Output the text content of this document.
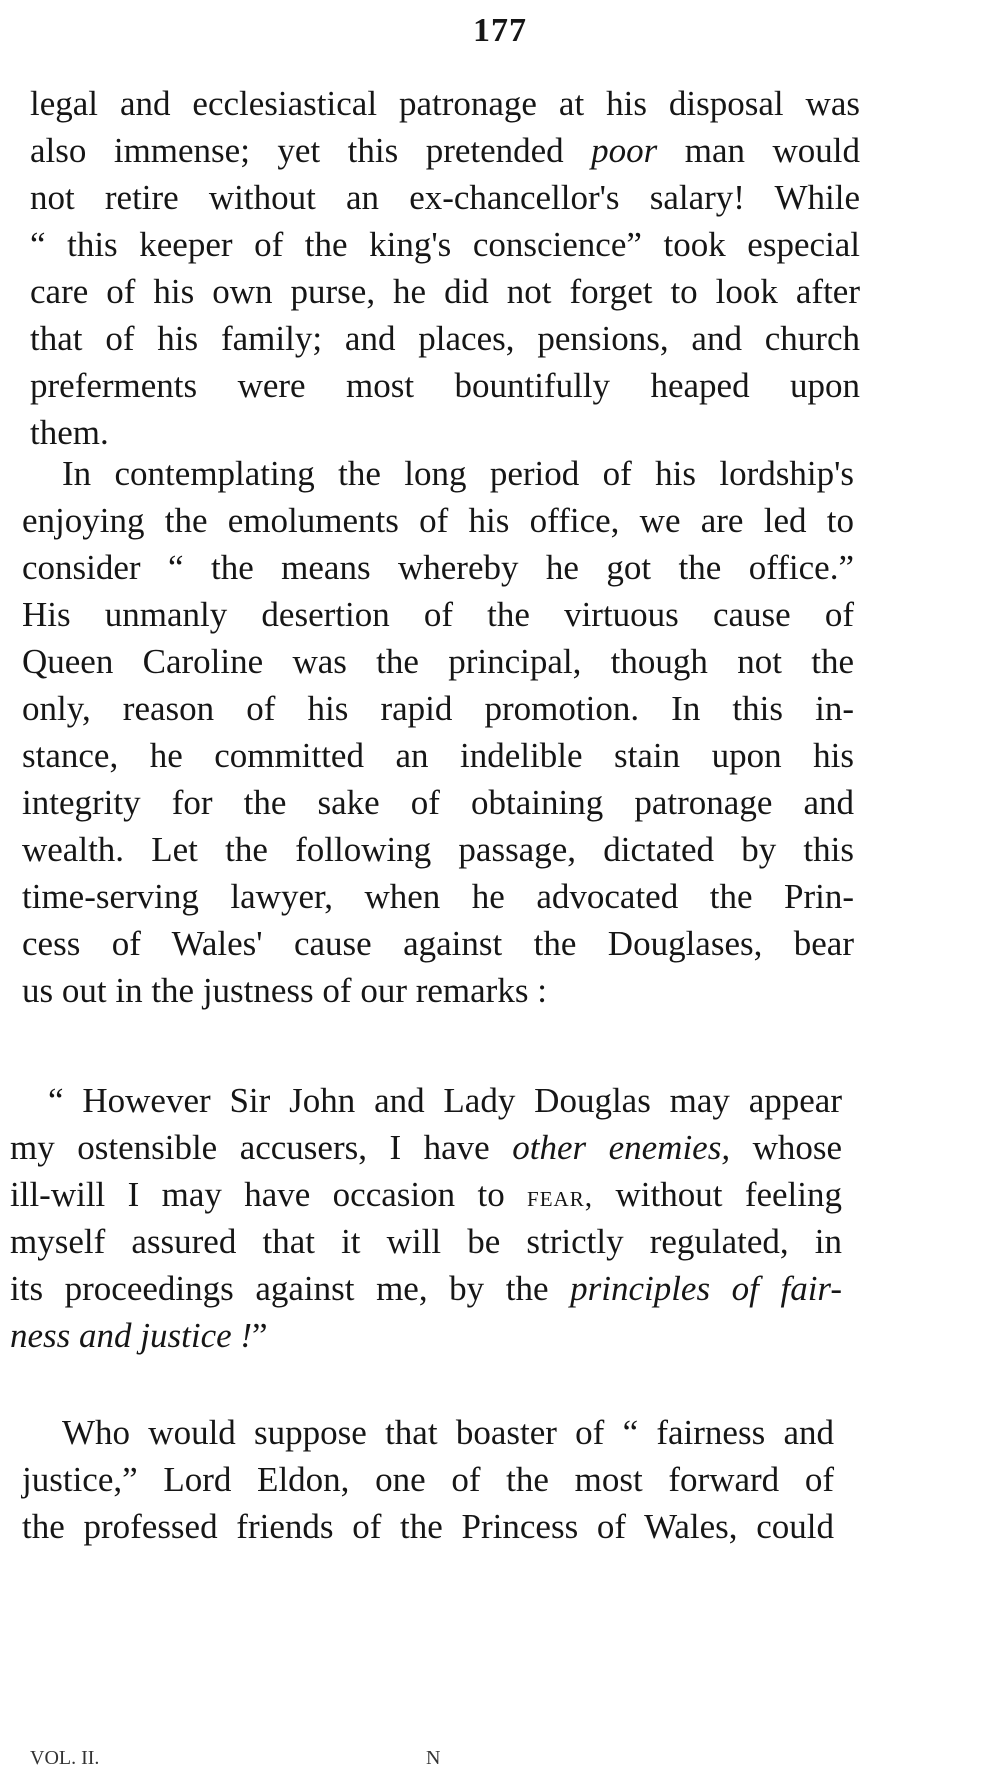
177
legal and ecclesiastical patronage at his disposal was
also immense; yet this pretended poor man would
not retire without an ex-chancellor's salary! While
“ this keeper of the king's conscience” took especial
care of his own purse, he did not forget to look after
that of his family; and places, pensions, and church
preferments were most bountifully heaped upon
them.
In contemplating the long period of his lordship's
enjoying the emoluments of his office, we are led to
consider “ the means whereby he got the office.”
His unmanly desertion of the virtuous cause of
Queen Caroline was the principal, though not the
only, reason of his rapid promotion. In this in-
stance, he committed an indelible stain upon his
integrity for the sake of obtaining patronage and
wealth. Let the following passage, dictated by this
time-serving lawyer, when he advocated the Prin-
cess of Wales' cause against the Douglases, bear
us out in the justness of our remarks :
“ However Sir John and Lady Douglas may appear
my ostensible accusers, I have other enemies, whose
ill-will I may have occasion to fear, without feeling
myself assured that it will be strictly regulated, in
its proceedings against me, by the principles of fair-
ness and justice !”
Who would suppose that boaster of “ fairness and
justice,” Lord Eldon, one of the most forward of
the professed friends of the Princess of Wales, could
VOL. II.	N
